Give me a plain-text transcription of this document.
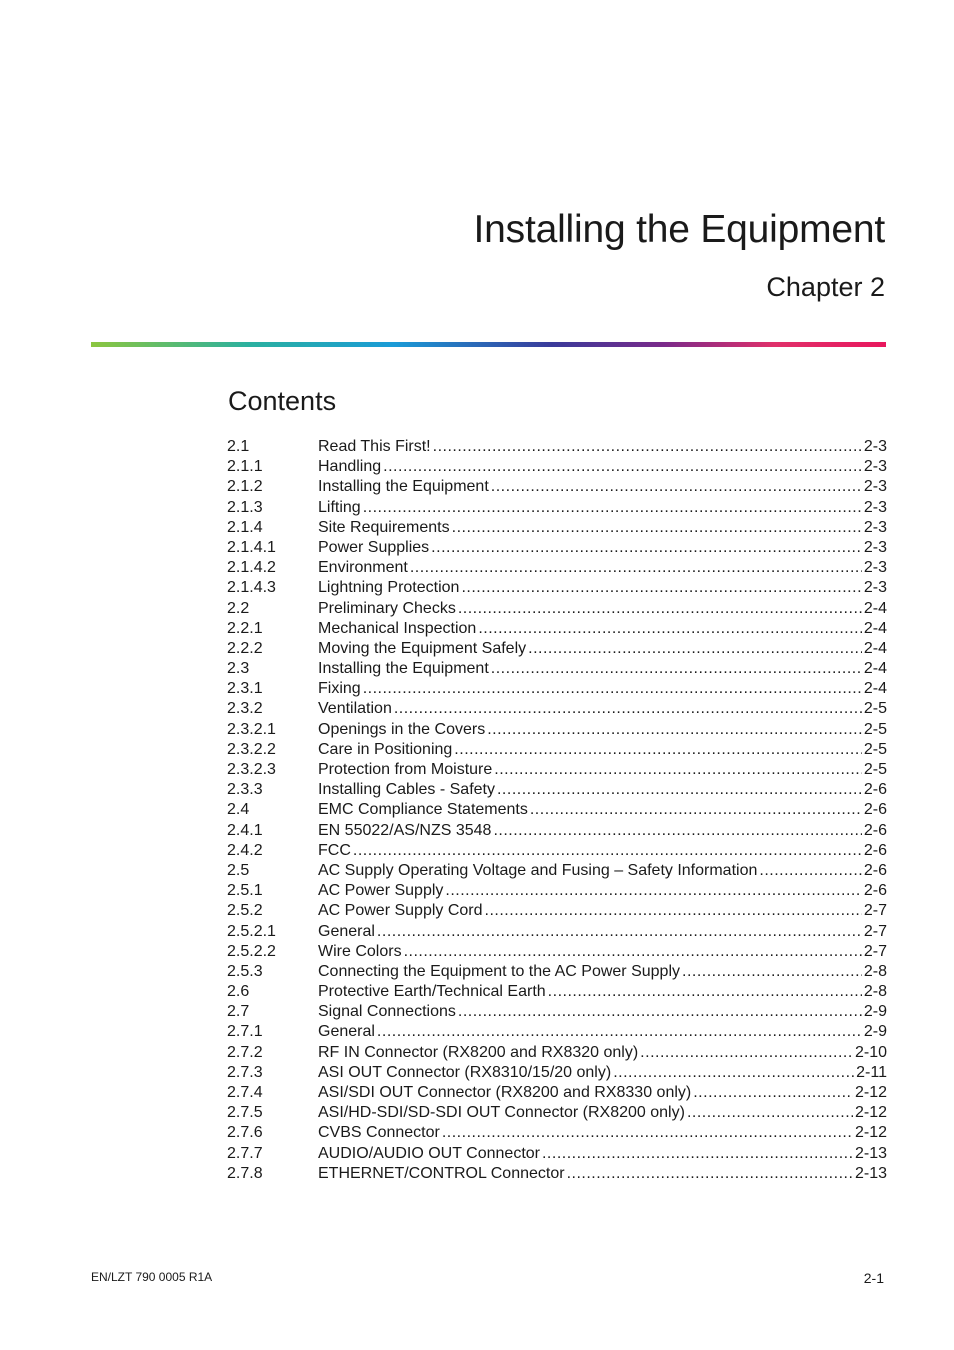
Installing the Equipment
Chapter 2
Contents
2.1	Read This First! .....	2-3
2.1.1	Handling .....	2-3
2.1.2	Installing the Equipment .....	2-3
2.1.3	Lifting .....	2-3
2.1.4	Site Requirements .....	2-3
2.1.4.1	Power Supplies .....	2-3
2.1.4.2	Environment .....	2-3
2.1.4.3	Lightning Protection .....	2-3
2.2	Preliminary Checks .....	2-4
2.2.1	Mechanical Inspection .....	2-4
2.2.2	Moving the Equipment Safely .....	2-4
2.3	Installing the Equipment .....	2-4
2.3.1	Fixing .....	2-4
2.3.2	Ventilation .....	2-5
2.3.2.1	Openings in the Covers .....	2-5
2.3.2.2	Care in Positioning .....	2-5
2.3.2.3	Protection from Moisture .....	2-5
2.3.3	Installing Cables - Safety .....	2-6
2.4	EMC Compliance Statements .....	2-6
2.4.1	EN 55022/AS/NZS 3548 .....	2-6
2.4.2	FCC .....	2-6
2.5	AC Supply Operating Voltage and Fusing – Safety Information .....	2-6
2.5.1	AC Power Supply .....	2-6
2.5.2	AC Power Supply Cord .....	2-7
2.5.2.1	General .....	2-7
2.5.2.2	Wire Colors .....	2-7
2.5.3	Connecting the Equipment to the AC Power Supply .....	2-8
2.6	Protective Earth/Technical Earth .....	2-8
2.7	Signal Connections .....	2-9
2.7.1	General .....	2-9
2.7.2	RF IN Connector (RX8200 and RX8320 only) .....	2-10
2.7.3	ASI OUT Connector (RX8310/15/20 only) .....	2-11
2.7.4	ASI/SDI OUT Connector (RX8200 and RX8330 only) .....	2-12
2.7.5	ASI/HD-SDI/SD-SDI OUT Connector (RX8200 only) .....	2-12
2.7.6	CVBS Connector .....	2-12
2.7.7	AUDIO/AUDIO OUT Connector .....	2-13
2.7.8	ETHERNET/CONTROL Connector .....	2-13
EN/LZT 790 0005 R1A	2-1
